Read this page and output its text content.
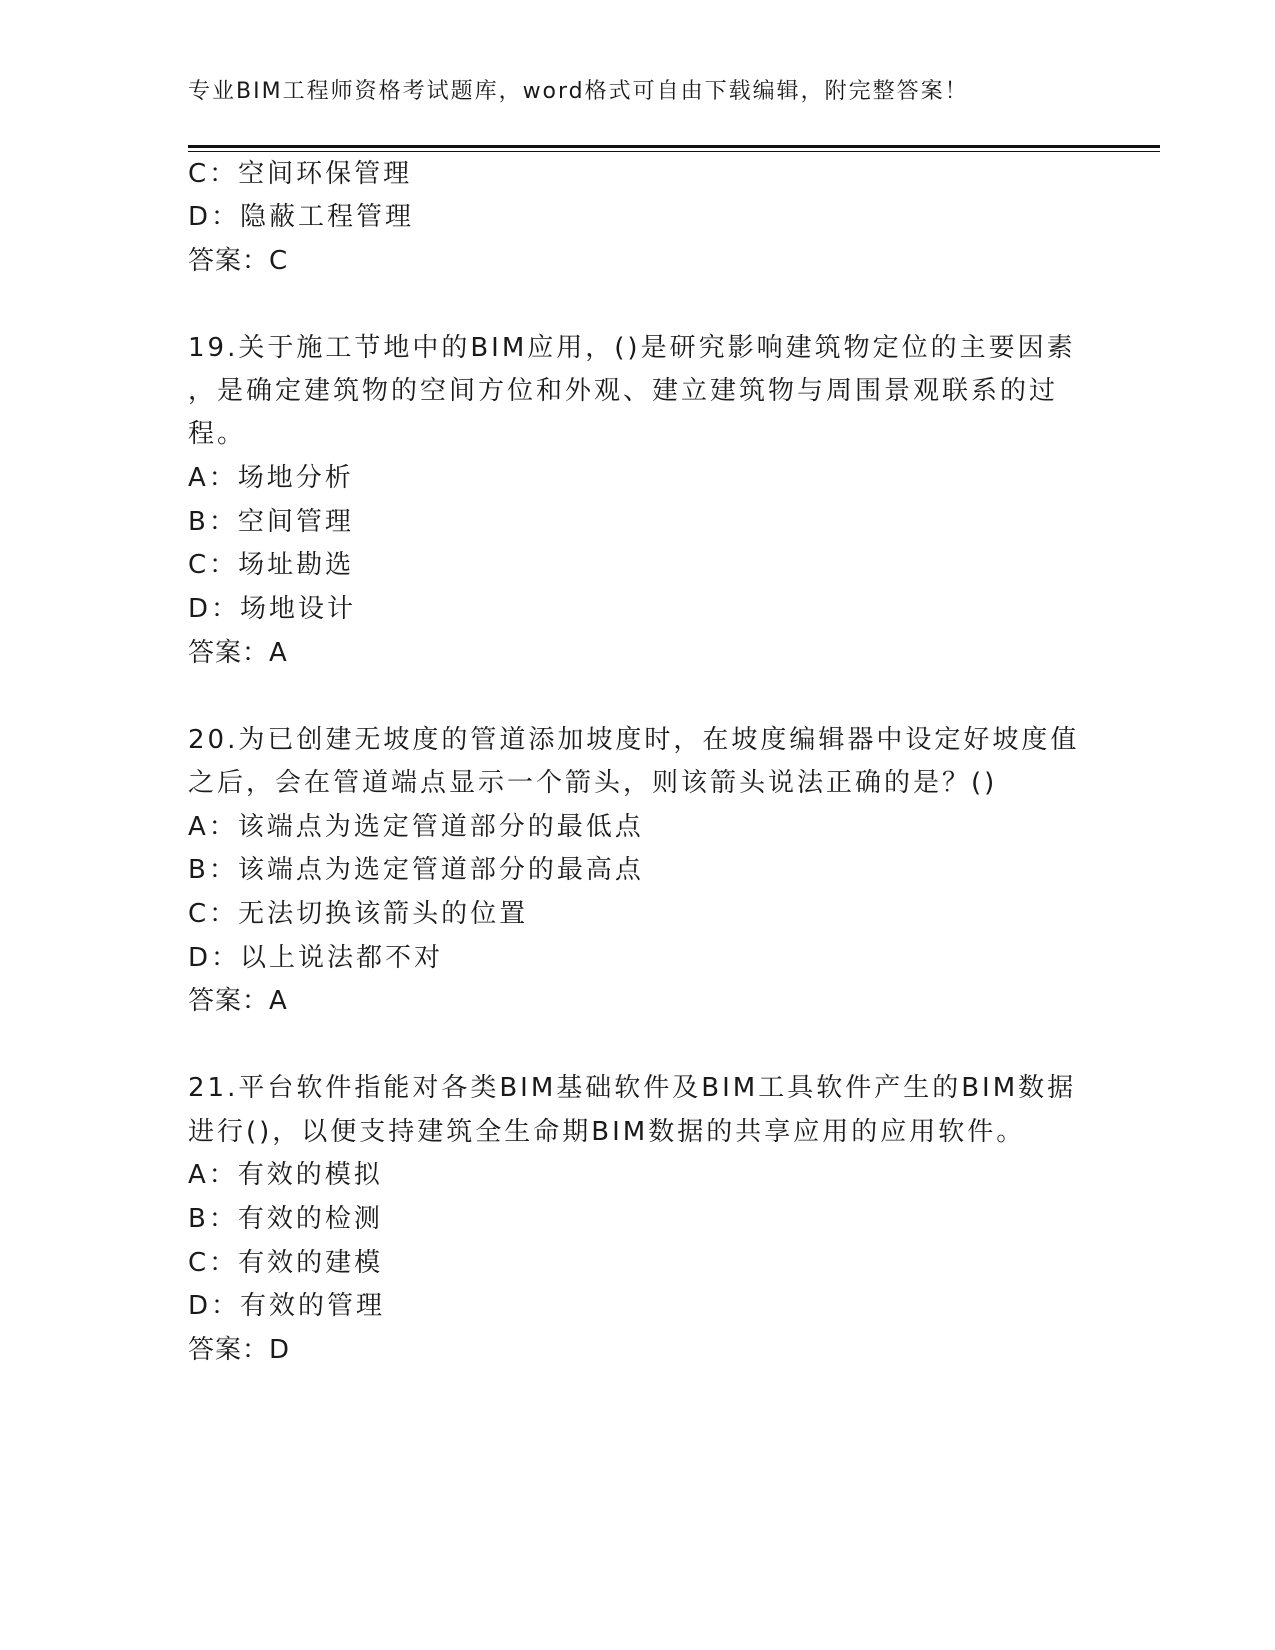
专业BIM工程师资格考试题库，word格式可自由下载编辑，附完整答案！
C：空间环保管理
D：隐蔽工程管理
答案：C
19.关于施工节地中的BIM应用，()是研究影响建筑物定位的主要因素
，是确定建筑物的空间方位和外观、建立建筑物与周围景观联系的过
程。
A：场地分析
B：空间管理
C：场址勘选
D：场地设计
答案：A
20.为已创建无坡度的管道添加坡度时，在坡度编辑器中设定好坡度值
之后，会在管道端点显示一个箭头，则该箭头说法正确的是？()
A：该端点为选定管道部分的最低点
B：该端点为选定管道部分的最高点
C：无法切换该箭头的位置
D：以上说法都不对
答案：A
21.平台软件指能对各类BIM基础软件及BIM工具软件产生的BIM数据
进行()，以便支持建筑全生命期BIM数据的共享应用的应用软件。
A：有效的模拟
B：有效的检测
C：有效的建模
D：有效的管理
答案：D
